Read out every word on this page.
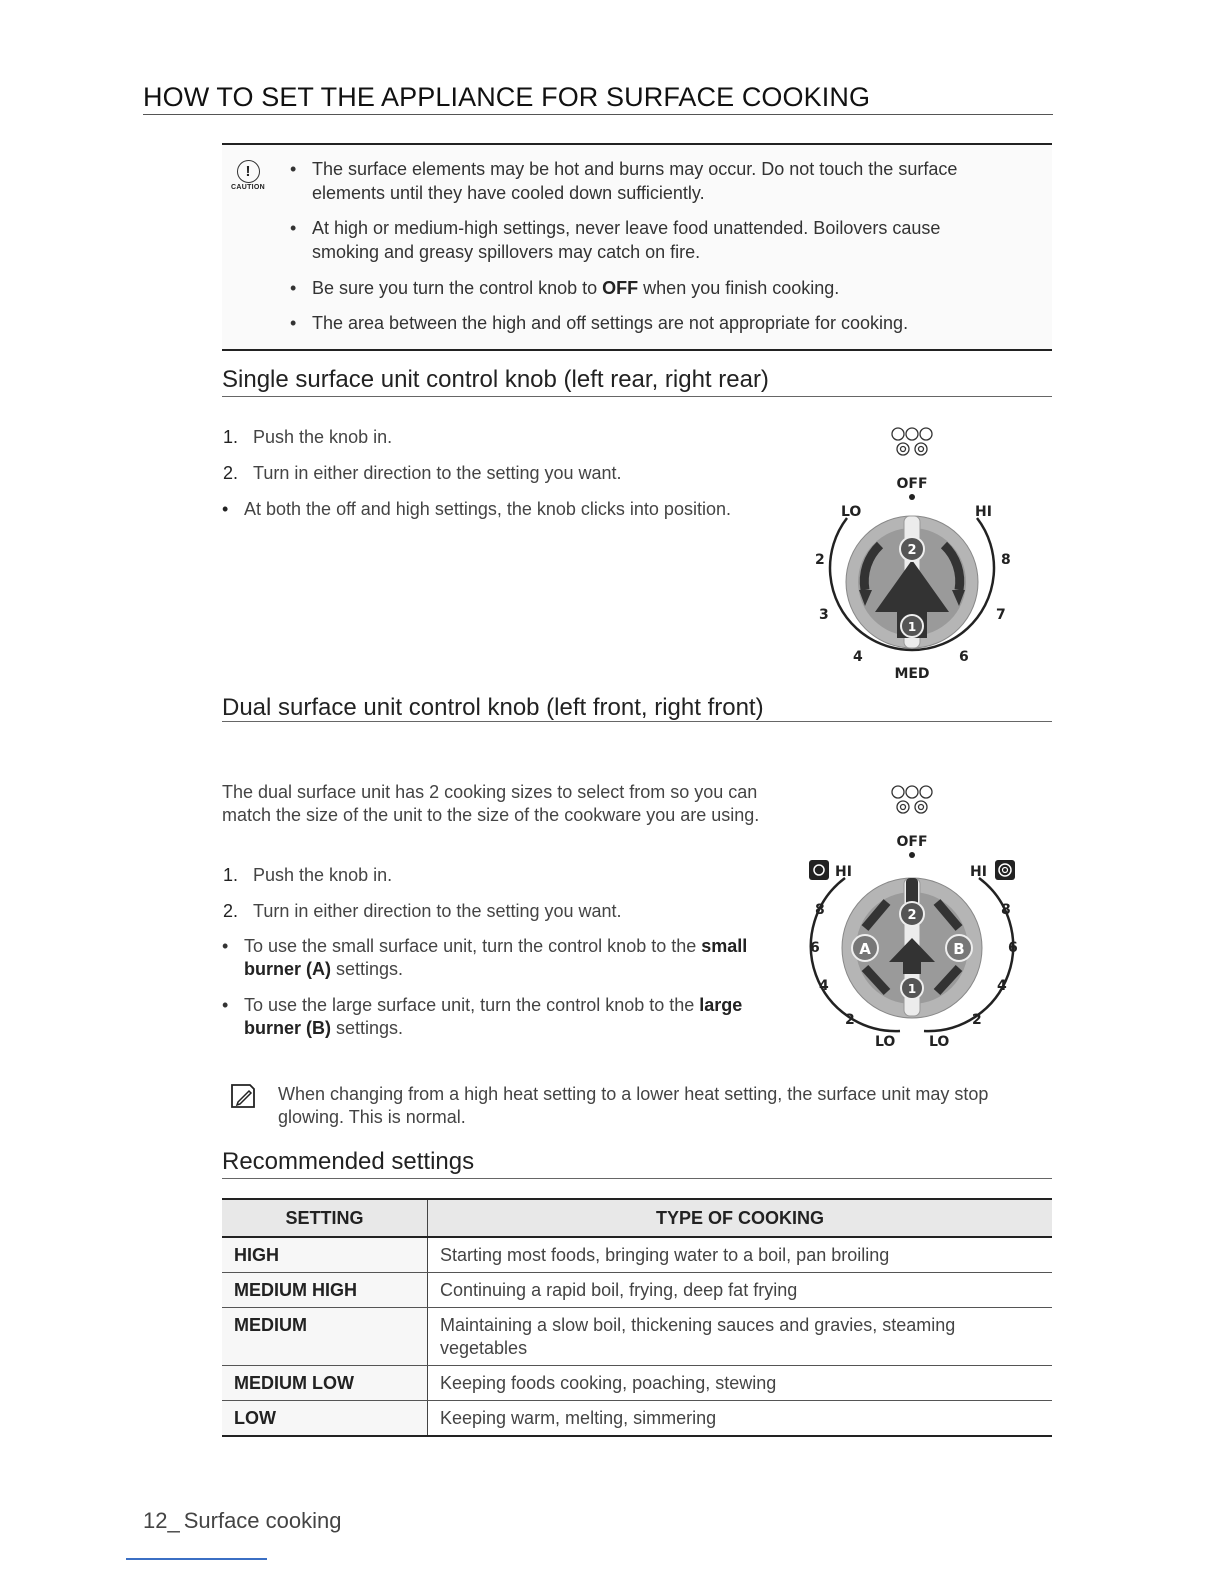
HOW TO SET THE APPLIANCE FOR SURFACE COOKING
!
CAUTION
• The surface elements may be hot and burns may occur. Do not touch the surface elements until they have cooled down sufficiently.
• At high or medium-high settings, never leave food unattended. Boilovers cause smoking and greasy spillovers may catch on fire.
• Be sure you turn the control knob to OFF when you finish cooking.
• The area between the high and off settings are not appropriate for cooking.
Single surface unit control knob (left rear, right rear)
1. Push the knob in.
2. Turn in either direction to the setting you want.
• At both the off and high settings, the knob clicks into position.
OFF
LO	HI
2	8
3	7
4	6
MED
2
1
Dual surface unit control knob (left front, right front)
The dual surface unit has 2 cooking sizes to select from so you can match the size of the unit to the size of the cookware you are using.
1. Push the knob in.
2. Turn in either direction to the setting you want.
• To use the small surface unit, turn the control knob to the small burner (A) settings.
• To use the large surface unit, turn the control knob to the large burner (B) settings.
OFF
HI	HI
8	8
6	6
4	4
2	2
LO LO
A	B
2
1
When changing from a high heat setting to a lower heat setting, the surface unit may stop glowing. This is normal.
Recommended settings
SETTING	TYPE OF COOKING
HIGH	Starting most foods, bringing water to a boil, pan broiling
MEDIUM HIGH	Continuing a rapid boil, frying, deep fat frying
MEDIUM	Maintaining a slow boil, thickening sauces and gravies, steaming vegetables
MEDIUM LOW	Keeping foods cooking, poaching, stewing
LOW	Keeping warm, melting, simmering
12_ Surface cooking
